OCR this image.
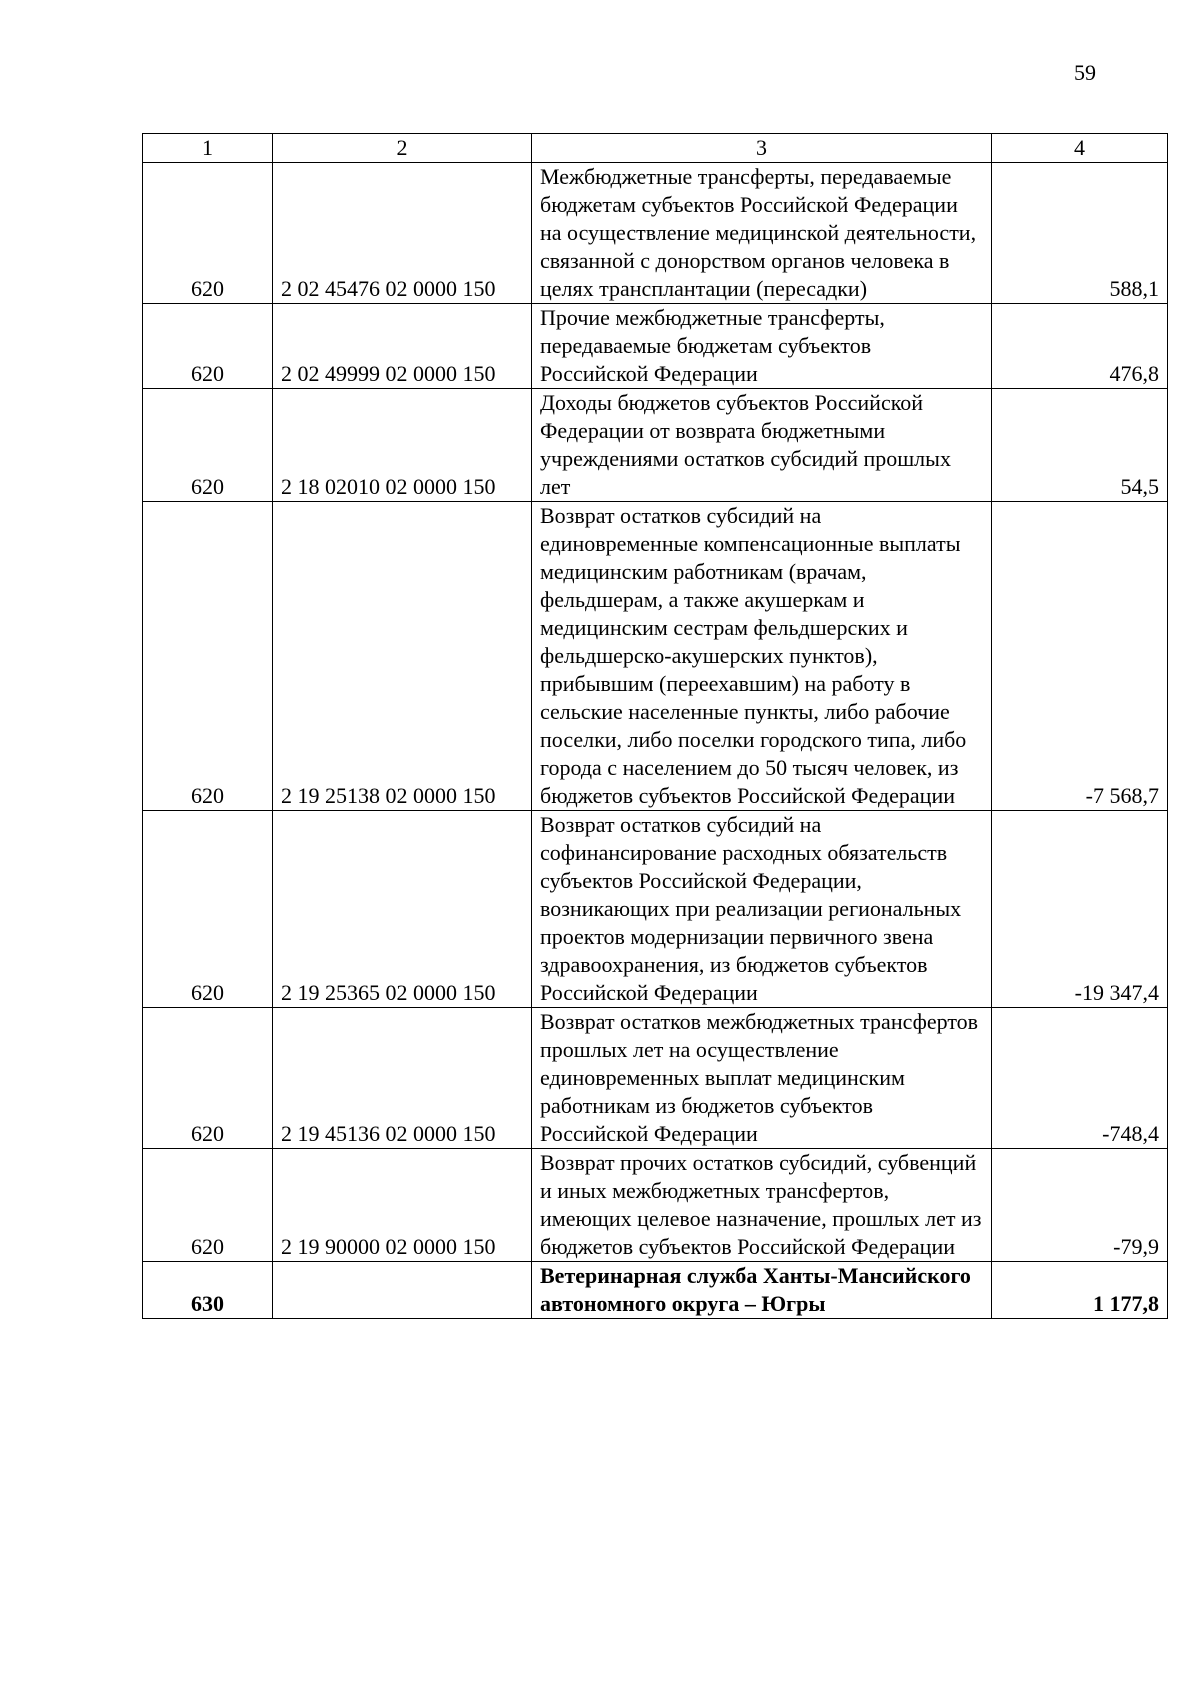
59
1	2	3	4
620	2 02 45476 02 0000 150	Межбюджетные трансферты, передаваемые бюджетам субъектов Российской Федерации на осуществление медицинской деятельности, связанной с донорством органов человека в целях трансплантации (пересадки)	588,1
620	2 02 49999 02 0000 150	Прочие межбюджетные трансферты, передаваемые бюджетам субъектов Российской Федерации	476,8
620	2 18 02010 02 0000 150	Доходы бюджетов субъектов Российской Федерации от возврата бюджетными учреждениями остатков субсидий прошлых лет	54,5
620	2 19 25138 02 0000 150	Возврат остатков субсидий на единовременные компенсационные выплаты медицинским работникам (врачам, фельдшерам, а также акушеркам и медицинским сестрам фельдшерских и фельдшерско-акушерских пунктов), прибывшим (переехавшим) на работу в сельские населенные пункты, либо рабочие поселки, либо поселки городского типа, либо города с населением до 50 тысяч человек, из бюджетов субъектов Российской Федерации	-7 568,7
620	2 19 25365 02 0000 150	Возврат остатков субсидий на софинансирование расходных обязательств субъектов Российской Федерации, возникающих при реализации региональных проектов модернизации первичного звена здравоохранения, из бюджетов субъектов Российской Федерации	-19 347,4
620	2 19 45136 02 0000 150	Возврат остатков межбюджетных трансфертов прошлых лет на осуществление единовременных выплат медицинским работникам из бюджетов субъектов Российской Федерации	-748,4
620	2 19 90000 02 0000 150	Возврат прочих остатков субсидий, субвенций и иных межбюджетных трансфертов, имеющих целевое назначение, прошлых лет из бюджетов субъектов Российской Федерации	-79,9
630		Ветеринарная служба Ханты-Мансийского автономного округа – Югры	1 177,8
